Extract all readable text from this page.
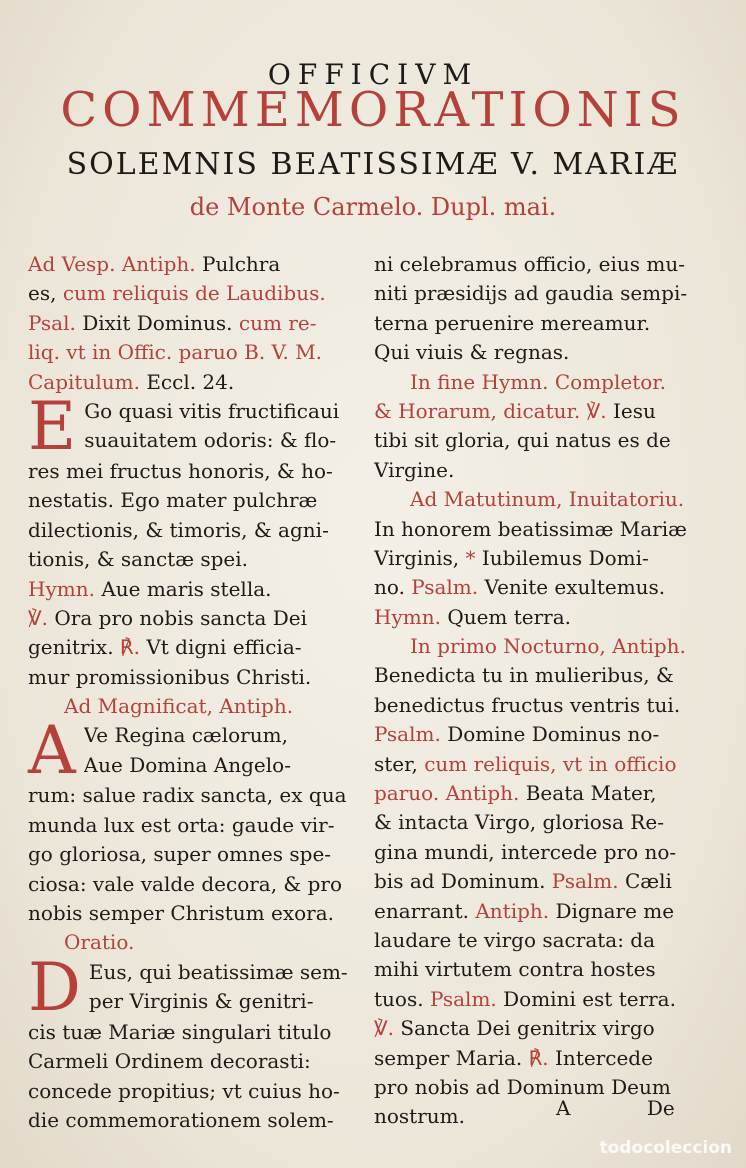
OFFICIVM
COMMEMORATIONIS
SOLEMNIS BEATISSIMÆ V. MARIÆ
de Monte Carmelo. Dupl. mai.
Ad Vesp. Antiph. Pulchra
es, cum reliquis de Laudibus.
Psal. Dixit Dominus. cum re-
liq. vt in Offic. paruo B. V. M.
Capitulum. Eccl. 24.
E Go quasi vitis fructificaui
suauitatem odoris: & flo-
res mei fructus honoris, & ho-
nestatis. Ego mater pulchræ
dilectionis, & timoris, & agni-
tionis, & sanctæ spei.
Hymn. Aue maris stella.
℣. Ora pro nobis sancta Dei
genitrix. ℟. Vt digni efficia-
mur promissionibus Christi.
Ad Magnificat, Antiph.
A Ve Regina cælorum,
Aue Domina Angelo-
rum: salue radix sancta, ex qua
munda lux est orta: gaude vir-
go gloriosa, super omnes spe-
ciosa: vale valde decora, & pro
nobis semper Christum exora.
Oratio.
D Eus, qui beatissimæ sem-
per Virginis & genitri-
cis tuæ Mariæ singulari titulo
Carmeli Ordinem decorasti:
concede propitius; vt cuius ho-
die commemorationem solem-
ni celebramus officio, eius mu-
niti præsidijs ad gaudia sempi-
terna peruenire mereamur.
Qui viuis & regnas.
In fine Hymn. Completor.
& Horarum, dicatur. ℣. Iesu
tibi sit gloria, qui natus es de
Virgine.
Ad Matutinum, Inuitatoriu.
In honorem beatissimæ Mariæ
Virginis, * Iubilemus Domi-
no. Psalm. Venite exultemus.
Hymn. Quem terra.
In primo Nocturno, Antiph.
Benedicta tu in mulieribus, &
benedictus fructus ventris tui.
Psalm. Domine Dominus no-
ster, cum reliquis, vt in officio
paruo. Antiph. Beata Mater,
& intacta Virgo, gloriosa Re-
gina mundi, intercede pro no-
bis ad Dominum. Psalm. Cæli
enarrant. Antiph. Dignare me
laudare te virgo sacrata: da
mihi virtutem contra hostes
tuos. Psalm. Domini est terra.
℣. Sancta Dei genitrix virgo
semper Maria. ℟. Intercede
pro nobis ad Dominum Deum
nostrum.	A	De
todocoleccion
